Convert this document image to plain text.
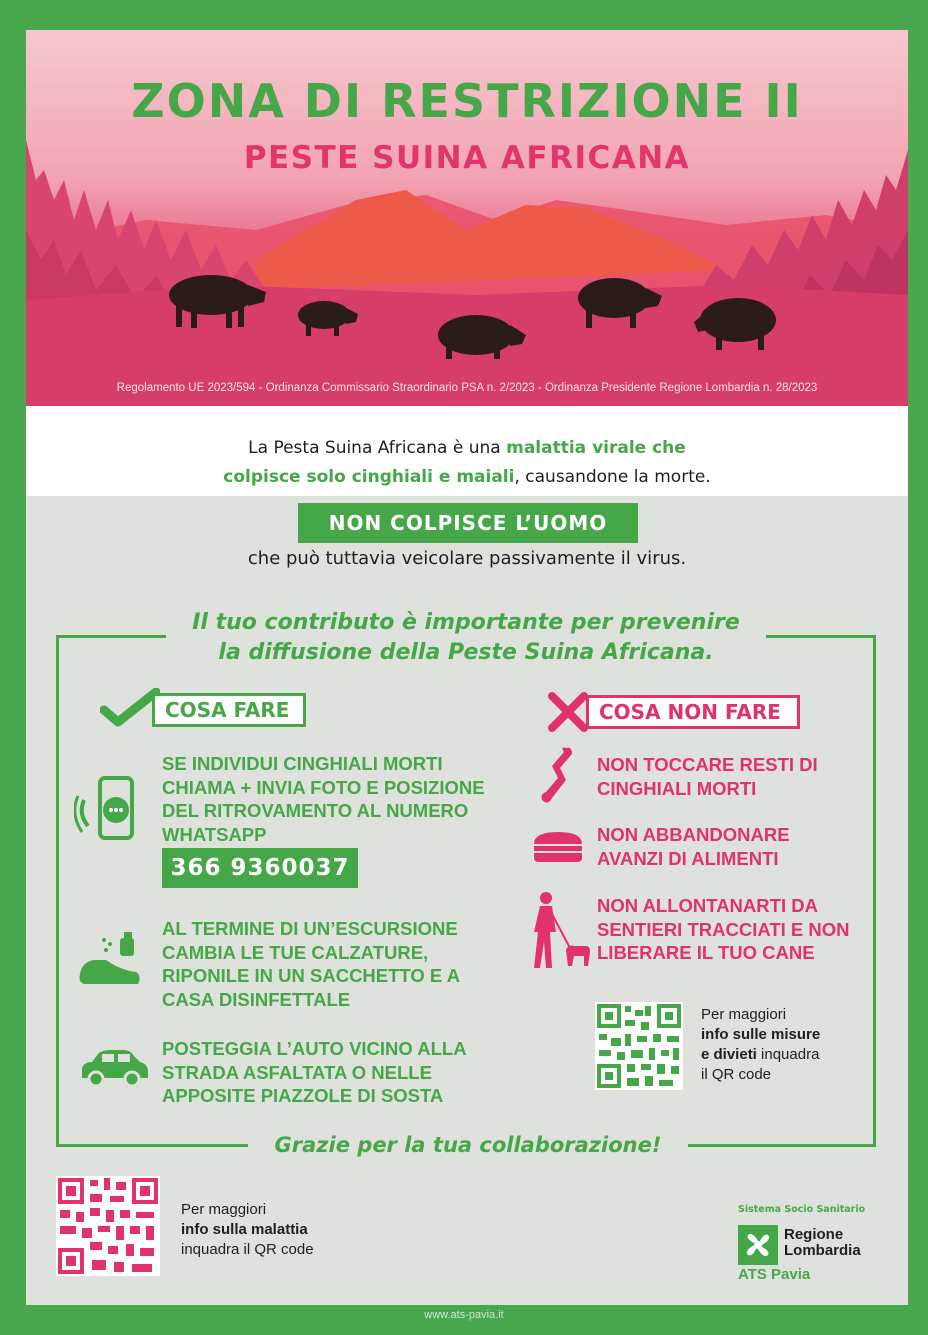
ZONA DI RESTRIZIONE II
PESTE SUINA AFRICANA
Regolamento UE 2023/594 - Ordinanza Commissario Straordinario PSA n. 2/2023 - Ordinanza Presidente Regione Lombardia n. 28/2023
La Pesta Suina Africana è una malattia virale che
colpisce solo cinghiali e maiali, causandone la morte.
NON COLPISCE L’UOMO
che può tuttavia veicolare passivamente il virus.
Il tuo contributo è importante per prevenire
la diffusione della Peste Suina Africana.
COSA FARE
SE INDIVIDUI CINGHIALI MORTI CHIAMA + INVIA FOTO E POSIZIONE DEL RITROVAMENTO AL NUMERO WHATSAPP
366 9360037
AL TERMINE DI UN’ESCURSIONE CAMBIA LE TUE CALZATURE, RIPONILE IN UN SACCHETTO E A CASA DISINFETTALE
POSTEGGIA L’AUTO VICINO ALLA STRADA ASFALTATA O NELLE APPOSITE PIAZZOLE DI SOSTA
COSA NON FARE
NON TOCCARE RESTI DI CINGHIALI MORTI
NON ABBANDONARE AVANZI DI ALIMENTI
NON ALLONTANARTI DA SENTIERI TRACCIATI E NON LIBERARE IL TUO CANE
Per maggiori
info sulle misure
e divieti inquadra
il QR code
Grazie per la tua collaborazione!
Per maggiori
info sulla malattia
inquadra il QR code
Sistema Socio Sanitario
Regione
Lombardia
ATS Pavia
www.ats-pavia.it
